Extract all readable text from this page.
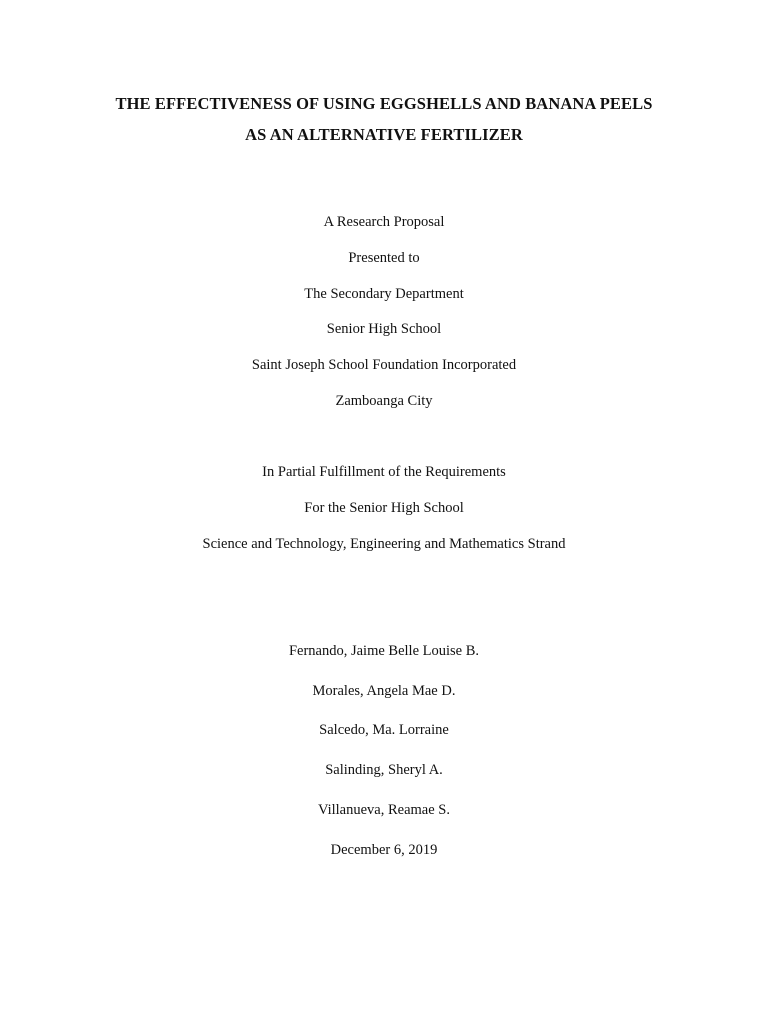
THE EFFECTIVENESS OF USING EGGSHELLS AND BANANA PEELS
AS AN ALTERNATIVE FERTILIZER
A Research Proposal
Presented to
The Secondary Department
Senior High School
Saint Joseph School Foundation Incorporated
Zamboanga City
In Partial Fulfillment of the Requirements
For the Senior High School
Science and Technology, Engineering and Mathematics Strand
Fernando, Jaime Belle Louise B.
Morales, Angela Mae D.
Salcedo, Ma. Lorraine
Salinding, Sheryl A.
Villanueva, Reamae S.
December 6, 2019
